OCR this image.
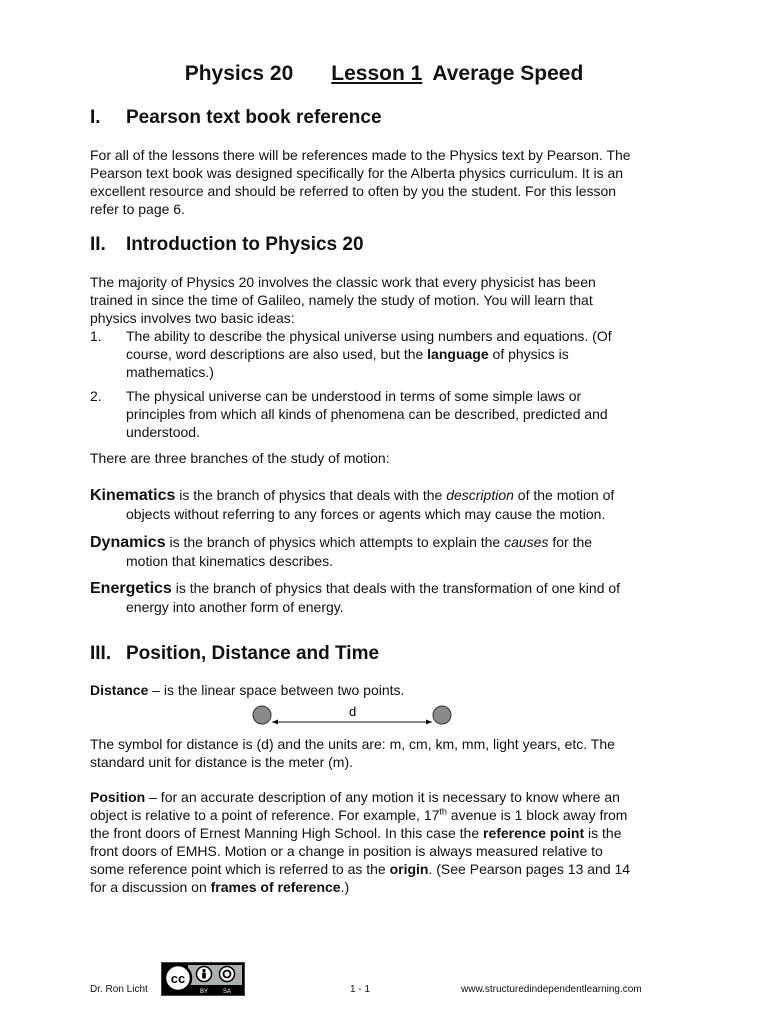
Physics 20 Lesson 1 Average Speed
I. Pearson text book reference
For all of the lessons there will be references made to the Physics text by Pearson. The
Pearson text book was designed specifically for the Alberta physics curriculum. It is an
excellent resource and should be referred to often by you the student. For this lesson
refer to page 6.
II. Introduction to Physics 20
The majority of Physics 20 involves the classic work that every physicist has been
trained in since the time of Galileo, namely the study of motion. You will learn that
physics involves two basic ideas:
1. The ability to describe the physical universe using numbers and equations. (Of
course, word descriptions are also used, but the language of physics is
mathematics.)
2. The physical universe can be understood in terms of some simple laws or
principles from which all kinds of phenomena can be described, predicted and
understood.
There are three branches of the study of motion:
Kinematics is the branch of physics that deals with the description of the motion of
objects without referring to any forces or agents which may cause the motion.
Dynamics is the branch of physics which attempts to explain the causes for the
motion that kinematics describes.
Energetics is the branch of physics that deals with the transformation of one kind of
energy into another form of energy.
III. Position, Distance and Time
Distance – is the linear space between two points.
d
The symbol for distance is (d) and the units are: m, cm, km, mm, light years, etc. The
standard unit for distance is the meter (m).
Position – for an accurate description of any motion it is necessary to know where an
object is relative to a point of reference. For example, 17th avenue is 1 block away from
the front doors of Ernest Manning High School. In this case the reference point is the
front doors of EMHS. Motion or a change in position is always measured relative to
some reference point which is referred to as the origin. (See Pearson pages 13 and 14
for a discussion on frames of reference.)
Dr. Ron Licht
cc
BY SA	1 - 1	www.structuredindependentlearning.com
